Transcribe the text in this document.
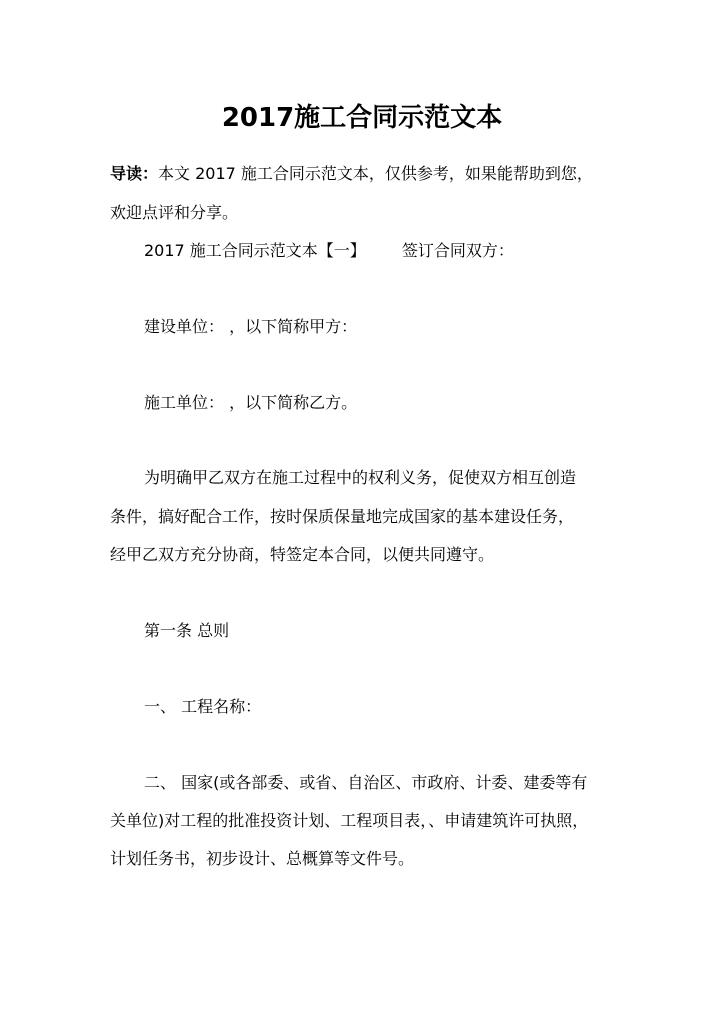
2017施工合同示范文本
导读：本文 2017 施工合同示范文本，仅供参考，如果能帮助到您，
欢迎点评和分享。
2017 施工合同示范文本【一】 签订合同双方：
建设单位： ，以下简称甲方：
施工单位： ，以下简称乙方。
为明确甲乙双方在施工过程中的权利义务，促使双方相互创造
条件，搞好配合工作，按时保质保量地完成国家的基本建设任务，
经甲乙双方充分协商，特签定本合同，以便共同遵守。
第一条 总则
一、 工程名称：
二、 国家(或各部委、或省、自治区、市政府、计委、建委等有
关单位)对工程的批准投资计划、工程项目表，、申请建筑许可执照，
计划任务书，初步设计、总概算等文件号。
